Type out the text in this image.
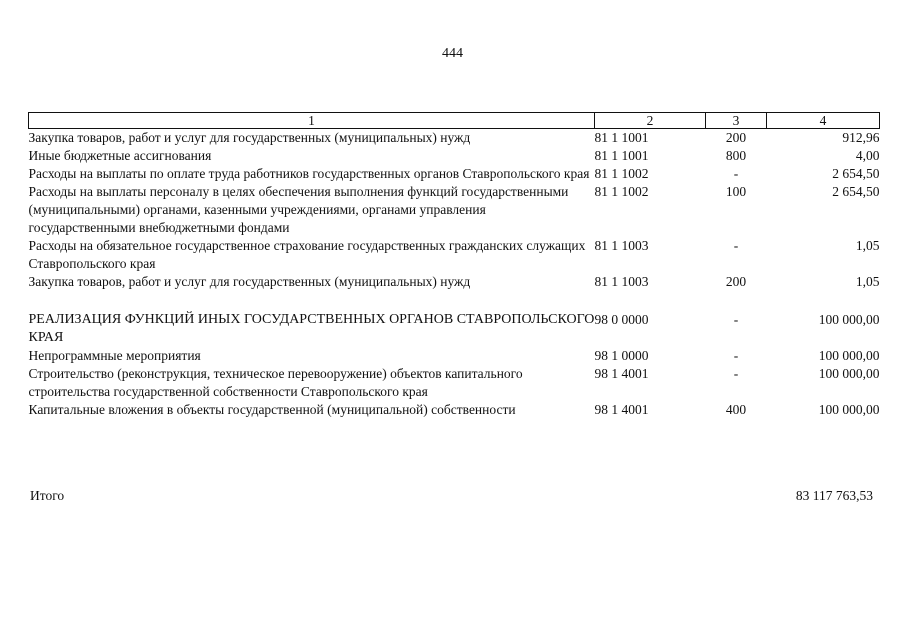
444
1	2	3	4
Закупка товаров, работ и услуг для государственных (муниципальных) нужд	81 1 1001	200	912,96
Иные бюджетные ассигнования	81 1 1001	800	4,00
Расходы на выплаты по оплате труда работников государственных органов Ставропольского края	81 1 1002	-	2 654,50
Расходы на выплаты персоналу в целях обеспечения выполнения функций государственными (муниципальными) органами, казенными учреждениями, органами управления государственными внебюджетными фондами	81 1 1002	100	2 654,50
Расходы на обязательное государственное страхование государственных гражданских служащих Ставропольского края	81 1 1003	-	1,05
Закупка товаров, работ и услуг для государственных (муниципальных) нужд	81 1 1003	200	1,05

РЕАЛИЗАЦИЯ ФУНКЦИЙ ИНЫХ ГОСУДАРСТВЕННЫХ ОРГАНОВ СТАВРОПОЛЬСКОГО КРАЯ	98 0 0000	-	100 000,00
Непрограммные мероприятия	98 1 0000	-	100 000,00
Строительство (реконструкция, техническое перевооружение) объектов капитального строительства государственной собственности Ставропольского края	98 1 4001	-	100 000,00
Капитальные вложения в объекты государственной (муниципальной) собственности	98 1 4001	400	100 000,00
Итого	83 117 763,53
